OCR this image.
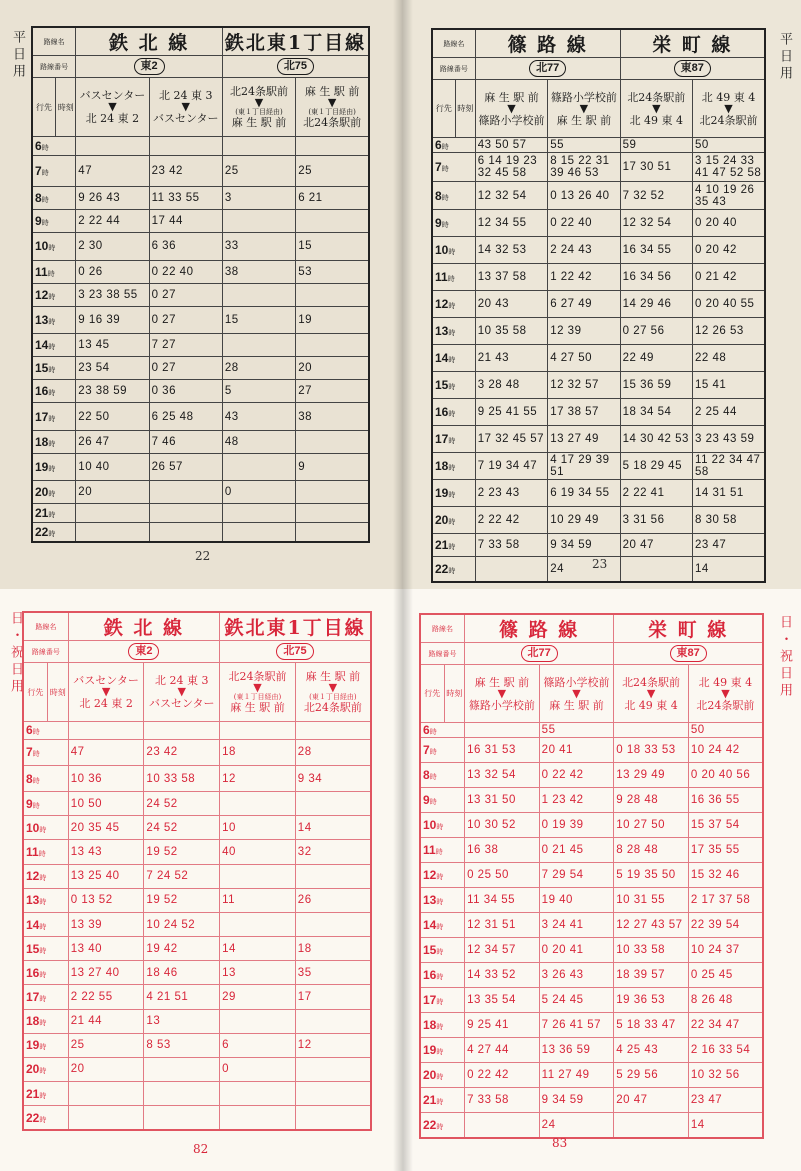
平日用	路線名		鉄 北 線		鉄北東1丁目線	
路線番号		東2		北75	
行先	時刻	バスセンター
▼
北 24 東 2	北 24 東 3
▼
バスセンター	北24条駅前
▼
(東１丁目経由)
麻 生 駅 前	麻 生 駅 前
▼
(東１丁目経由)
北24条駅前

6時					
7時		47	23 42	25	25
8時		9 26 43	11 33 55	3	6 21
9時		2 22 44	17 44		
10時		2 30	6 36	33	15
11時		0 26	0 22 40	38	53
12時		3 23 38 55	0 27		
13時		9 16 39	0 27	15	19
14時		13 45	7 27		
15時		23 54	0 27	28	20
16時		23 38 59	0 36	5	27
17時		22 50	6 25 48	43	38
18時		26 47	7 46	48	
19時		10 40	26 57		9
20時		20		0	
21時					
22時					
22
路線名		篠 路 線		栄 町 線	
路線番号		北77		東87	
行先	時刻	麻 生 駅 前
▼
篠路小学校前	篠路小学校前
▼
麻 生 駅 前	北24条駅前
▼
北 49 東 4	北 49 東 4
▼
北24条駅前

6時		43 50 57	55	59	50
7時		6 14 19 23 32 45 58	8 15 22 31 39 46 53	17 30 51	3 15 24 33 41 47 52 58
8時		12 32 54	0 13 26 40	7 32 52	4 10 19 26 35 43
9時		12 34 55	0 22 40	12 32 54	0 20 40
10時		14 32 53	2 24 43	16 34 55	0 20 42
11時		13 37 58	1 22 42	16 34 56	0 21 42
12時		20 43	6 27 49	14 29 46	0 20 40 55
13時		10 35 58	12 39	0 27 56	12 26 53
14時		21 43	4 27 50	22 49	22 48
15時		3 28 48	12 32 57	15 36 59	15 41
16時		9 25 41 55	17 38 57	18 34 54	2 25 44
17時		17 32 45 57	13 27 49	14 30 42 53	3 23 43 59
18時		7 19 34 47	4 17 29 39 51	5 18 29 45	11 22 34 47 58
19時		2 23 43	6 19 34 55	2 22 41	14 31 51
20時		2 22 42	10 29 49	3 31 56	8 30 58
21時		7 33 58	9 34 59	20 47	23 47
22時			24		14
平日用
23
日・祝日用 路線名		鉄 北 線		鉄北東1丁目線	
路線番号		東2		北75	
行先	時刻	バスセンター
▼
北 24 東 2	北 24 東 3
▼
バスセンター	北24条駅前
▼
(東１丁目経由)
麻 生 駅 前	麻 生 駅 前
▼
(東１丁目経由)
北24条駅前

6時					
7時		47	23 42	18	28
8時		10 36	10 33 58	12	9 34
9時		10 50	24 52		
10時		20 35 45	24 52	10	14
11時		13 43	19 52	40	32
12時		13 25 40	7 24 52		
13時		0 13 52	19 52	11	26
14時		13 39	10 24 52		
15時		13 40	19 42	14	18
16時		13 27 40	18 46	13	35
17時		2 22 55	4 21 51	29	17
18時		21 44	13		
19時		25	8 53	6	12
20時		20		0	
21時					
22時					
82
路線名		篠 路 線		栄 町 線	
路線番号		北77		東87	
行先	時刻	麻 生 駅 前
▼
篠路小学校前	篠路小学校前
▼
麻 生 駅 前	北24条駅前
▼
北 49 東 4	北 49 東 4
▼
北24条駅前

6時			55		50
7時		16 31 53	20 41	0 18 33 53	10 24 42
8時		13 32 54	0 22 42	13 29 49	0 20 40 56
9時		13 31 50	1 23 42	9 28 48	16 36 55
10時		10 30 52	0 19 39	10 27 50	15 37 54
11時		16 38	0 21 45	8 28 48	17 35 55
12時		0 25 50	7 29 54	5 19 35 50	15 32 46
13時		11 34 55	19 40	10 31 55	2 17 37 58
14時		12 31 51	3 24 41	12 27 43 57	22 39 54
15時		12 34 57	0 20 41	10 33 58	10 24 37
16時		14 33 52	3 26 43	18 39 57	0 25 45
17時		13 35 54	5 24 45	19 36 53	8 26 48
18時		9 25 41	7 26 41 57	5 18 33 47	22 34 47
19時		4 27 44	13 36 59	4 25 43	2 16 33 54
20時		0 22 42	11 27 49	5 29 56	10 32 56
21時		7 33 58	9 34 59	20 47	23 47
22時			24		14
日・祝日用
83
